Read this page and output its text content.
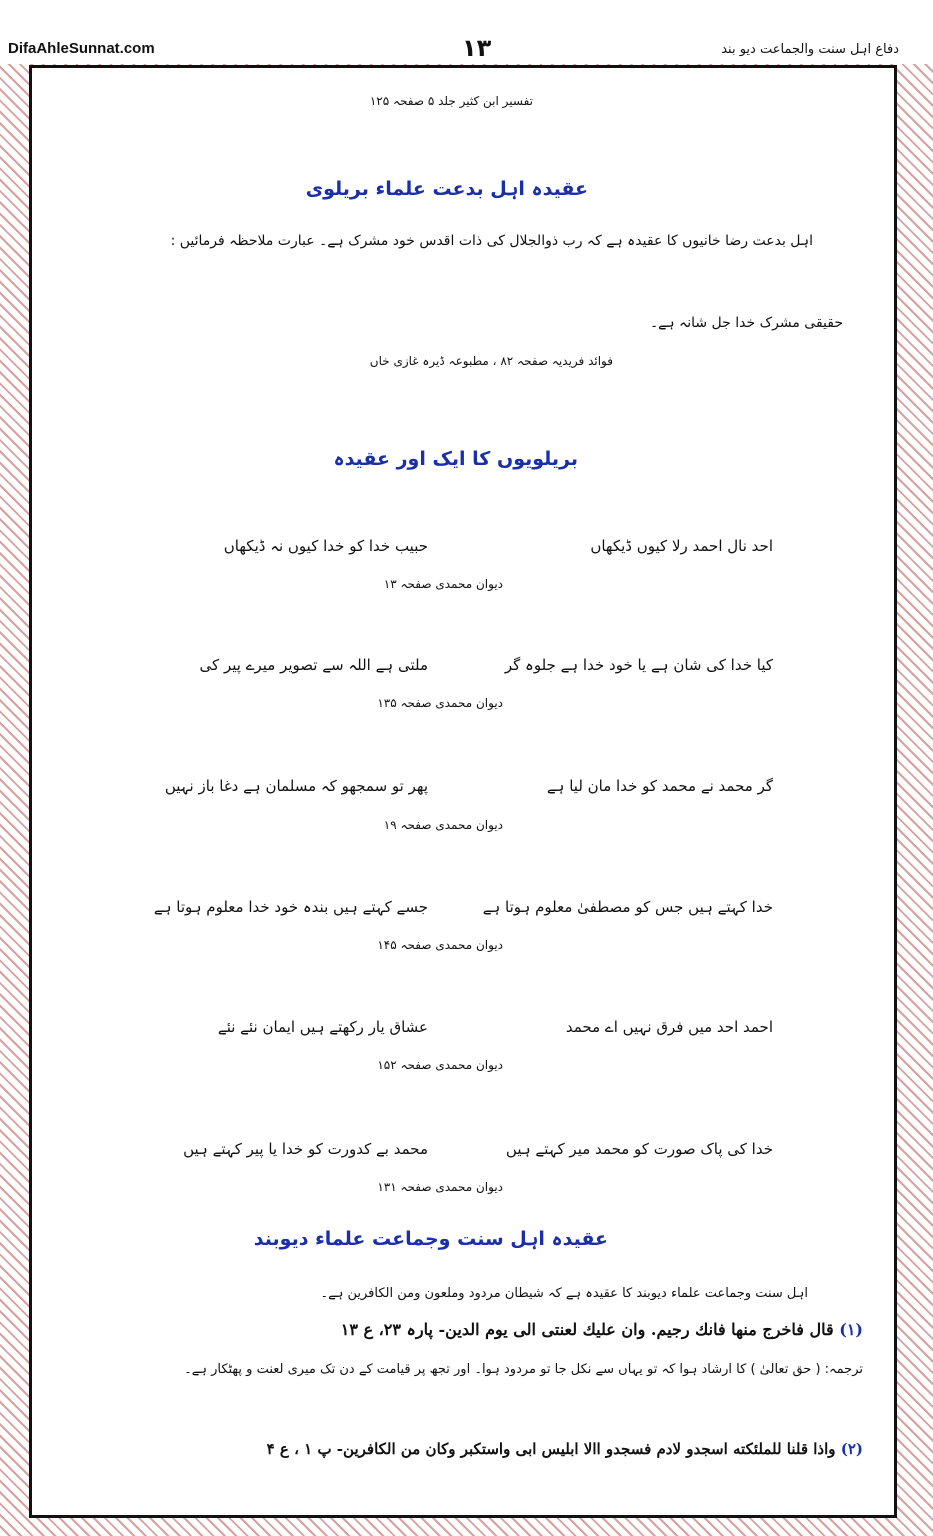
DifaAhleSunnat.com	۱۳	دفاع اہل سنت والجماعت دیو بند
تفسیر ابن کثیر جلد ۵ صفحہ ۱۲۵
عقیدہ اہل بدعت علماء بریلوی
اہل بدعت رضا خانیوں کا عقیدہ ہے کہ رب ذوالجلال کی ذات اقدس خود مشرک ہے۔ عبارت ملاحظہ فرمائیں :
حقیقی مشرک خدا جل شانہ ہے۔
فوائد فریدیہ صفحہ ۸۲ ، مطبوعہ ڈیرہ غازی خاں
بریلویوں کا ایک اور عقیدہ
احد نال احمد رلا کیوں ڈیکھاں
حبیب خدا کو خدا کیوں نہ ڈیکھاں
دیوان محمدی صفحہ ۱۳
کیا خدا کی شان ہے یا خود خدا ہے جلوہ گر
ملتی ہے اللہ سے تصویر میرے پیر کی
دیوان محمدی صفحہ ۱۳۵
گر محمد نے محمد کو خدا مان لیا ہے
پھر تو سمجھو کہ مسلمان ہے دغا باز نہیں
دیوان محمدی صفحہ ۱۹
خدا کہتے ہیں جس کو مصطفیٰ معلوم ہوتا ہے
جسے کہتے ہیں بندہ خود خدا معلوم ہوتا ہے
دیوان محمدی صفحہ ۱۴۵
احمد احد میں فرق نہیں اے محمد
عشاق یار رکھتے ہیں ایمان نئے نئے
دیوان محمدی صفحہ ۱۵۲
خدا کی پاک صورت کو محمد میر کہتے ہیں
محمد بے کدورت کو خدا یا پیر کہتے ہیں
دیوان محمدی صفحہ ۱۳۱
عقیدہ اہل سنت وجماعت علماء دیوبند
اہل سنت وجماعت علماء دیوبند کا عقیدہ ہے کہ شیطان مردود وملعون ومن الکافرین ہے۔
(۱) قال فاخرج منها فانك رجيم. وان عليك لعنتی الی یوم الدين- پارہ ۲۳، ع ۱۳
ترجمہ: ( حق تعالیٰ ) کا ارشاد ہوا کہ تو یہاں سے نکل جا تو مردود ہوا۔ اور تجھ پر قیامت کے دن تک میری لعنت و پھٹکار ہے۔
(۲) واذا قلنا للملئكته اسجدو لادم فسجدو االا ابليس ابی واستكبر وكان من الكافرين- پ ۱ ، ع ۴
